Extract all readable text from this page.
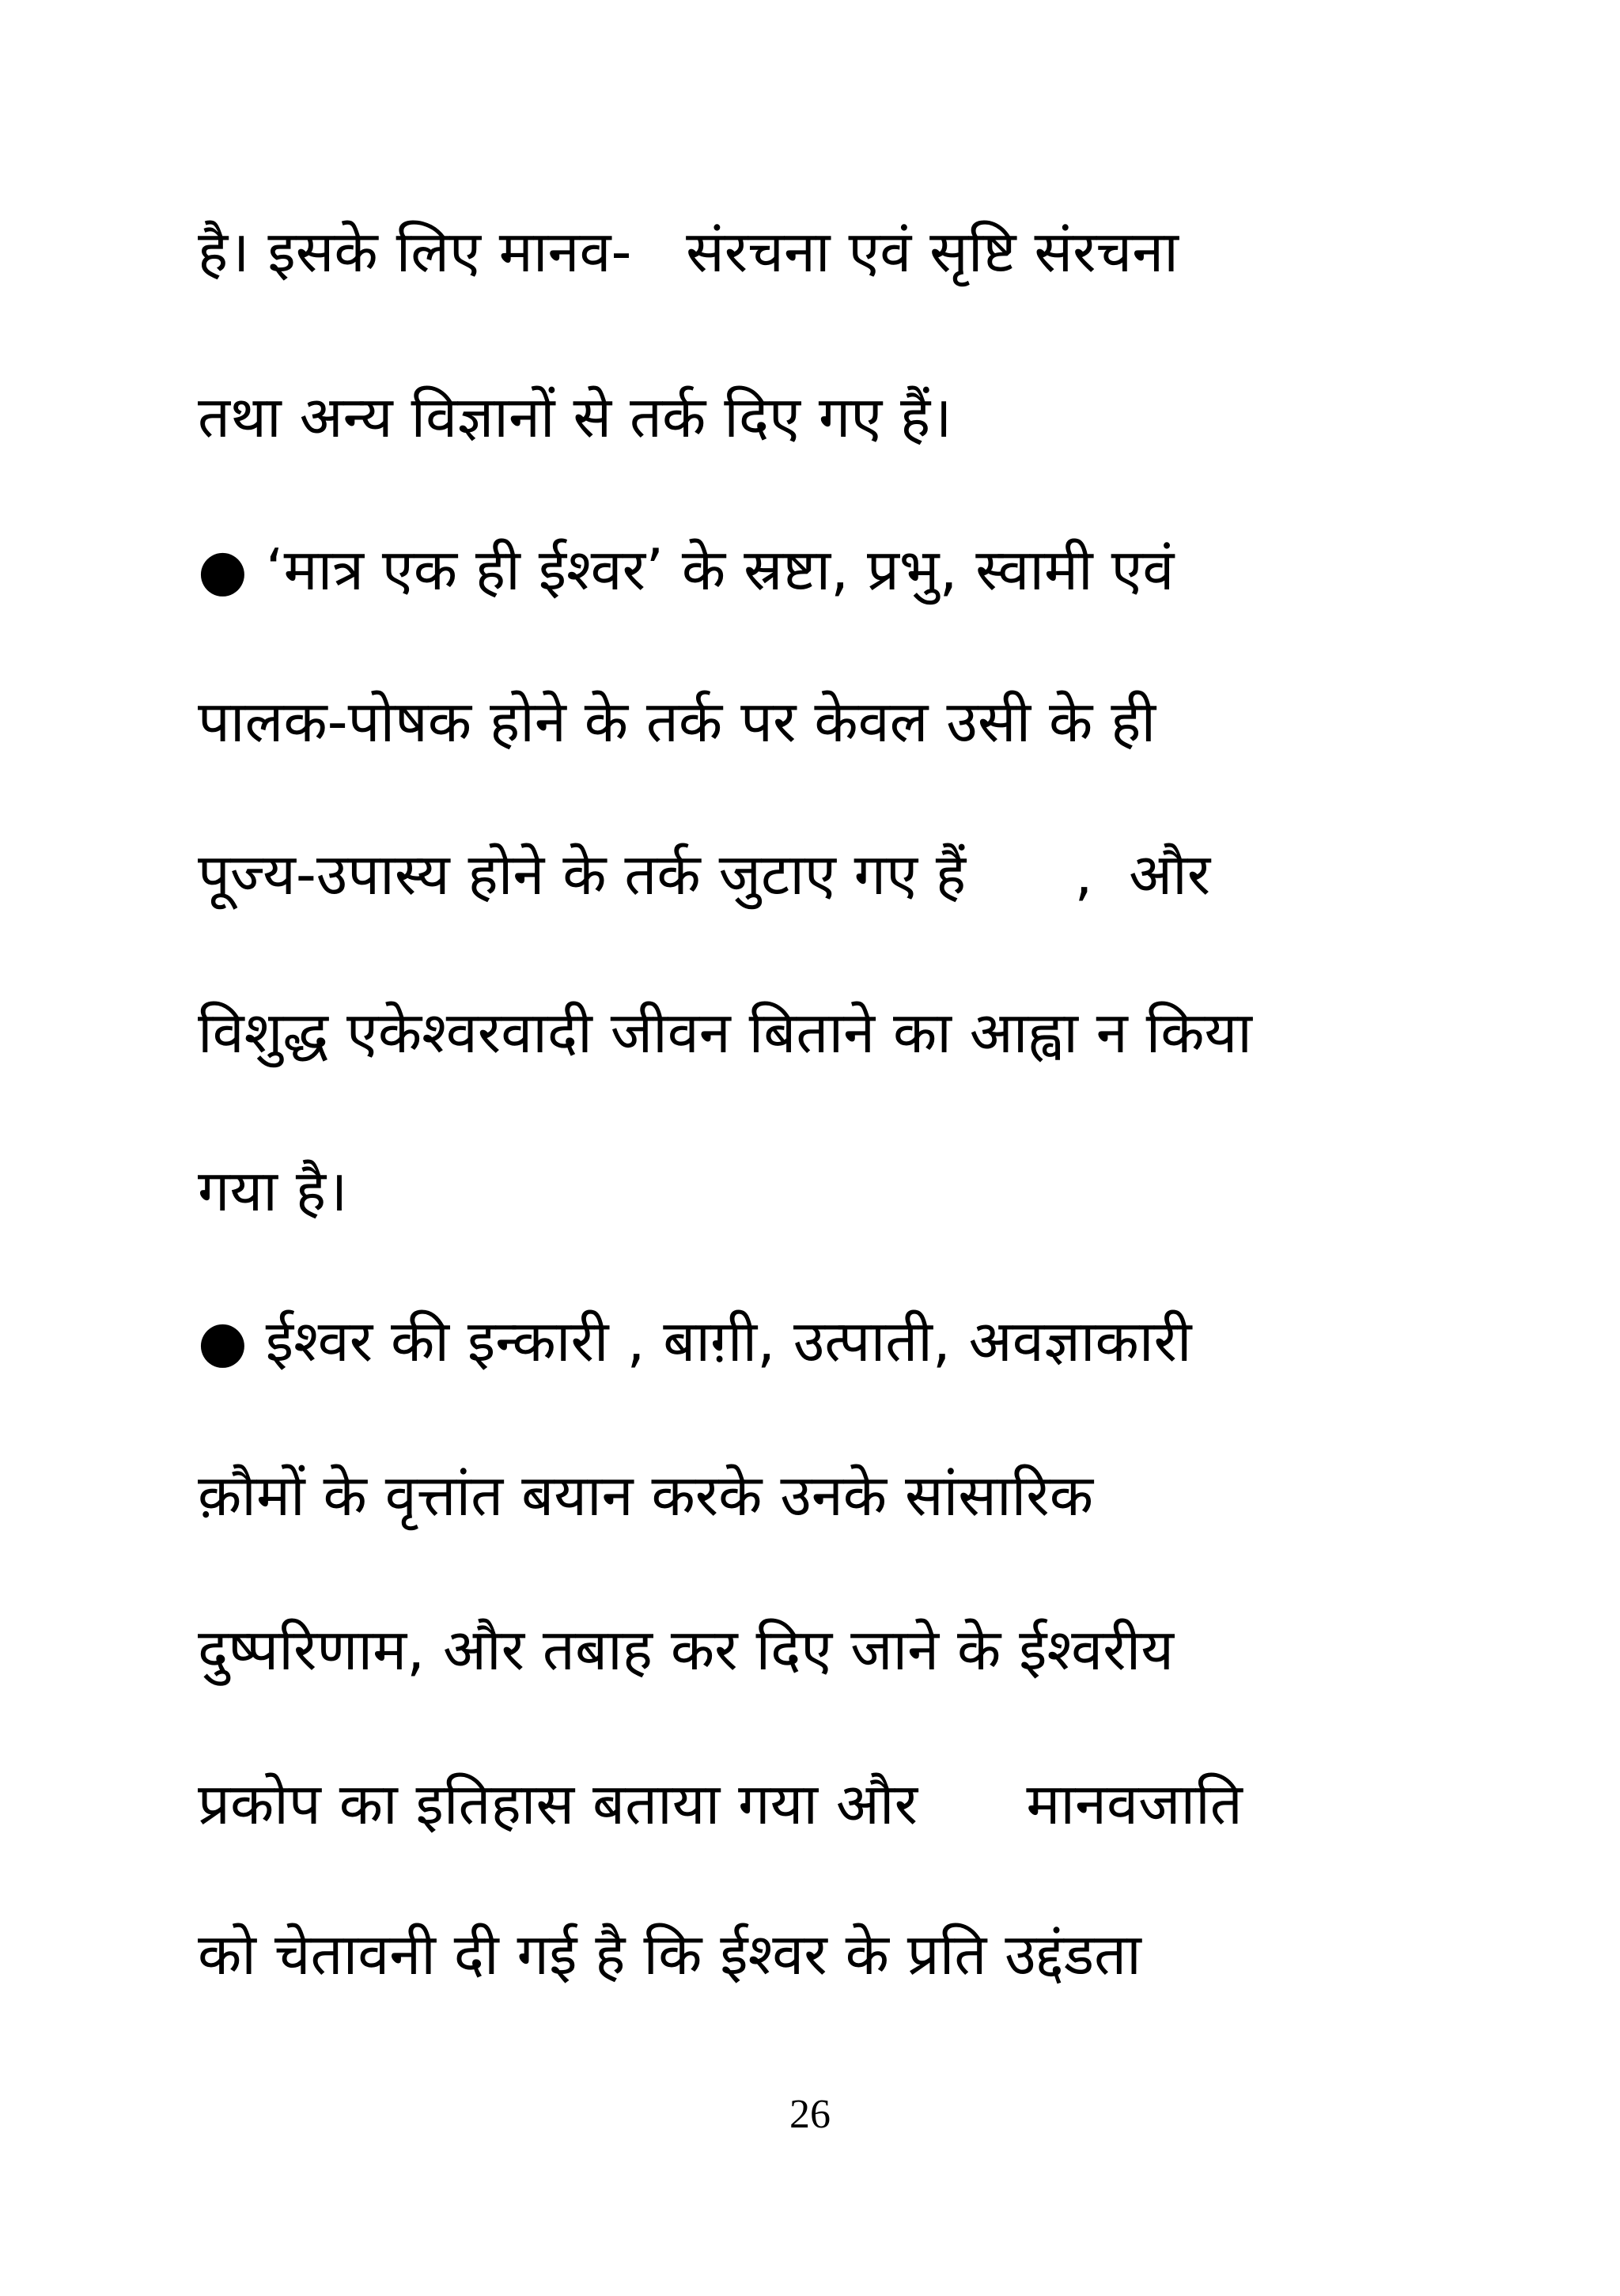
है। इसके लिए मानव-   संरचना एवं सृष्टि संरचना
तथा अन्य विज्ञानों से तर्क दिए गए हैं।
● ‘मात्र एक ही ईश्वर’ के स्रष्टा, प्रभु, स्वामी एवं
पालक-पोषक होने के तर्क पर केवल उसी के ही
पूज्य-उपास्य होने के तर्क जुटाए गए हैं      ,  और
विशुद्ध एकेश्वरवादी जीवन बिताने का आह्वा न किया
गया है।
● ईश्वर की इन्कारी , बाग़ी, उत्पाती, अवज्ञाकारी
क़ौमों के वृत्तांत बयान करके उनके सांसारिक
दुष्परिणाम, और तबाह कर दिए जाने के ईश्वरीय
प्रकोप का इतिहास बताया गया और      मानवजाति
को चेतावनी दी गई है कि ईश्वर के प्रति उद्दंडता
26
